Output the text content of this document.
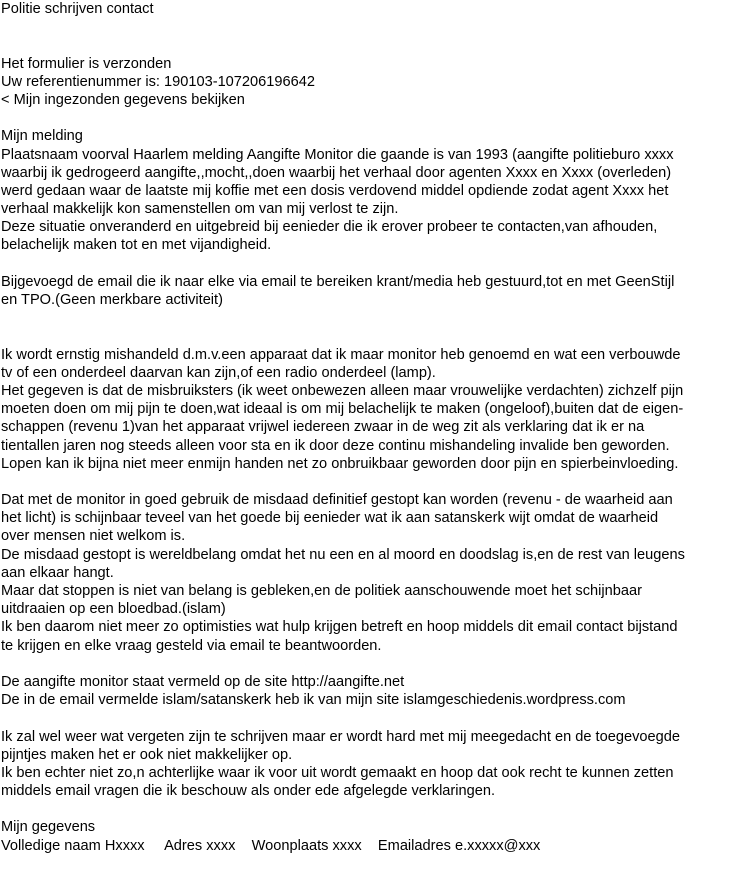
Politie schrijven contact
Het formulier is verzonden
Uw referentienummer is: 190103-107206196642
< Mijn ingezonden gegevens bekijken
Mijn melding
Plaatsnaam voorval Haarlem melding Aangifte Monitor die gaande is van 1993 (aangifte politieburo xxxx
waarbij ik gedrogeerd aangifte,,mocht,,doen waarbij het verhaal door agenten Xxxx en Xxxx (overleden)
werd gedaan waar de laatste mij koffie met een dosis verdovend middel opdiende zodat agent Xxxx het
verhaal makkelijk kon samenstellen om van mij verlost te zijn.
Deze situatie onveranderd en uitgebreid bij eenieder die ik erover probeer te contacten,van afhouden,
belachelijk maken tot en met vijandigheid.
Bijgevoegd de email die ik naar elke via email te bereiken krant/media heb gestuurd,tot en met GeenStijl
en TPO.(Geen merkbare activiteit)
Ik wordt ernstig mishandeld d.m.v.een apparaat dat ik maar monitor heb genoemd en wat een verbouwde
tv of een onderdeel daarvan kan zijn,of een radio onderdeel (lamp).
Het gegeven is dat de misbruiksters (ik weet onbewezen alleen maar vrouwelijke verdachten) zichzelf pijn
moeten doen om mij pijn te doen,wat ideaal is om mij belachelijk te maken (ongeloof),buiten dat de eigen-
schappen (revenu 1)van het apparaat vrijwel iedereen zwaar in de weg zit als verklaring dat ik er na
tientallen jaren nog steeds alleen voor sta en ik door deze continu mishandeling invalide ben geworden.
Lopen kan ik bijna niet meer enmijn handen net zo onbruikbaar geworden door pijn en spierbeinvloeding.
Dat met de monitor in goed gebruik de misdaad definitief gestopt kan worden (revenu - de waarheid aan
het licht) is schijnbaar teveel van het goede bij eenieder wat ik aan satanskerk wijt omdat de waarheid
over mensen niet welkom is.
De misdaad gestopt is wereldbelang omdat het nu een en al moord en doodslag is,en de rest van leugens
aan elkaar hangt.
Maar dat stoppen is niet van belang is gebleken,en de politiek aanschouwende moet het schijnbaar
uitdraaien op een bloedbad.(islam)
Ik ben daarom niet meer zo optimisties wat hulp krijgen betreft en hoop middels dit email contact bijstand
te krijgen en elke vraag gesteld via email te beantwoorden.
De aangifte monitor staat vermeld op de site http://aangifte.net
De in de email vermelde islam/satanskerk heb ik van mijn site islamgeschiedenis.wordpress.com
Ik zal wel weer wat vergeten zijn te schrijven maar er wordt hard met mij meegedacht en de toegevoegde
pijntjes maken het er ook niet makkelijker op.
Ik ben echter niet zo,n achterlijke waar ik voor uit wordt gemaakt en hoop dat ook recht te kunnen zetten
middels email vragen die ik beschouw als onder ede afgelegde verklaringen.
Mijn gegevens
Volledige naam Hxxxx Adres xxxx Woonplaats xxxx Emailadres e.xxxxx@xxx
